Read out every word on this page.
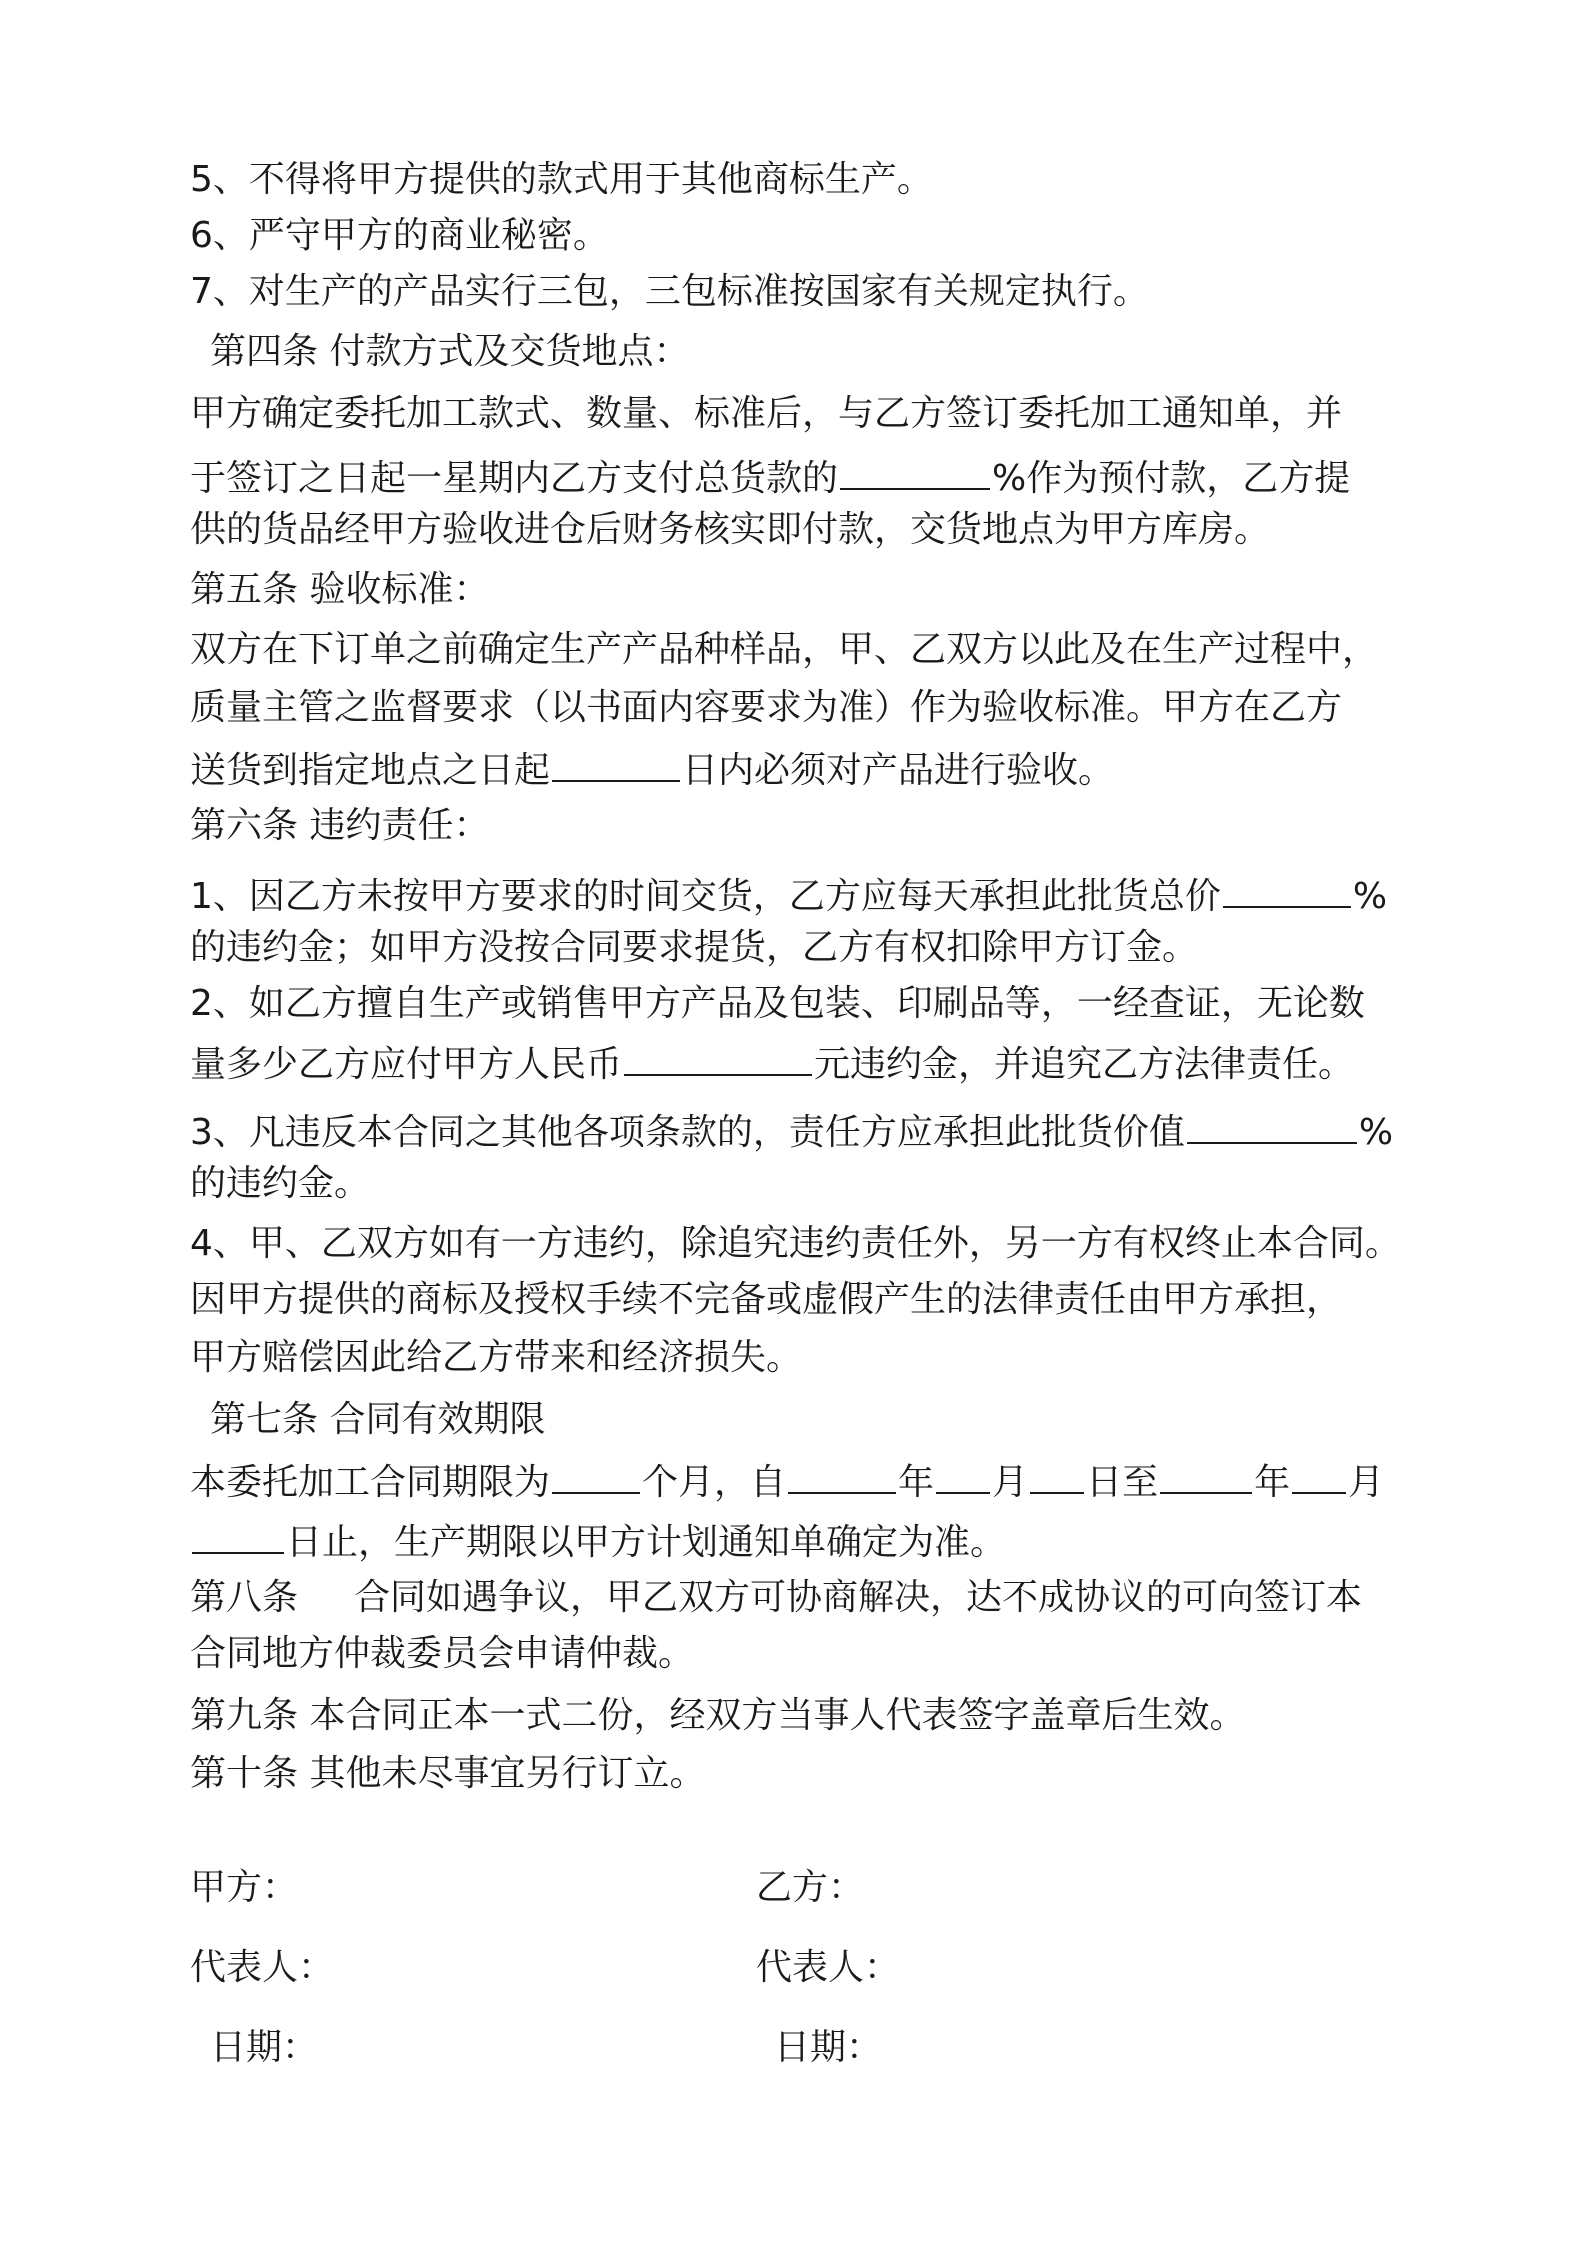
5、不得将甲方提供的款式用于其他商标生产。
6、严守甲方的商业秘密。
7、对生产的产品实行三包，三包标准按国家有关规定执行。
第四条 付款方式及交货地点：
甲方确定委托加工款式、数量、标准后，与乙方签订委托加工通知单，并
于签订之日起一星期内乙方支付总货款的	%作为预付款，乙方提
供的货品经甲方验收进仓后财务核实即付款，交货地点为甲方库房。
第五条 验收标准：
双方在下订单之前确定生产产品种样品，甲、乙双方以此及在生产过程中，
质量主管之监督要求（以书面内容要求为准）作为验收标准。甲方在乙方
送货到指定地点之日起	日内必须对产品进行验收。
第六条 违约责任：
1、因乙方未按甲方要求的时间交货，乙方应每天承担此批货总价	%
的违约金；如甲方没按合同要求提货，乙方有权扣除甲方订金。
2、如乙方擅自生产或销售甲方产品及包装、印刷品等，一经查证，无论数
量多少乙方应付甲方人民币	元违约金，并追究乙方法律责任。
3、凡违反本合同之其他各项条款的，责任方应承担此批货价值	%
的违约金。
4、甲、乙双方如有一方违约，除追究违约责任外，另一方有权终止本合同。
因甲方提供的商标及授权手续不完备或虚假产生的法律责任由甲方承担，
甲方赔偿因此给乙方带来和经济损失。
第七条 合同有效期限
本委托加工合同期限为	个月，自	年 月 日至	年 月
日止，生产期限以甲方计划通知单确定为准。
第八条 合同如遇争议，甲乙双方可协商解决，达不成协议的可向签订本
合同地方仲裁委员会申请仲裁。
第九条 本合同正本一式二份，经双方当事人代表签字盖章后生效。
第十条 其他未尽事宜另行订立。
甲方：	乙方：
代表人：	代表人：
日期：	日期：
